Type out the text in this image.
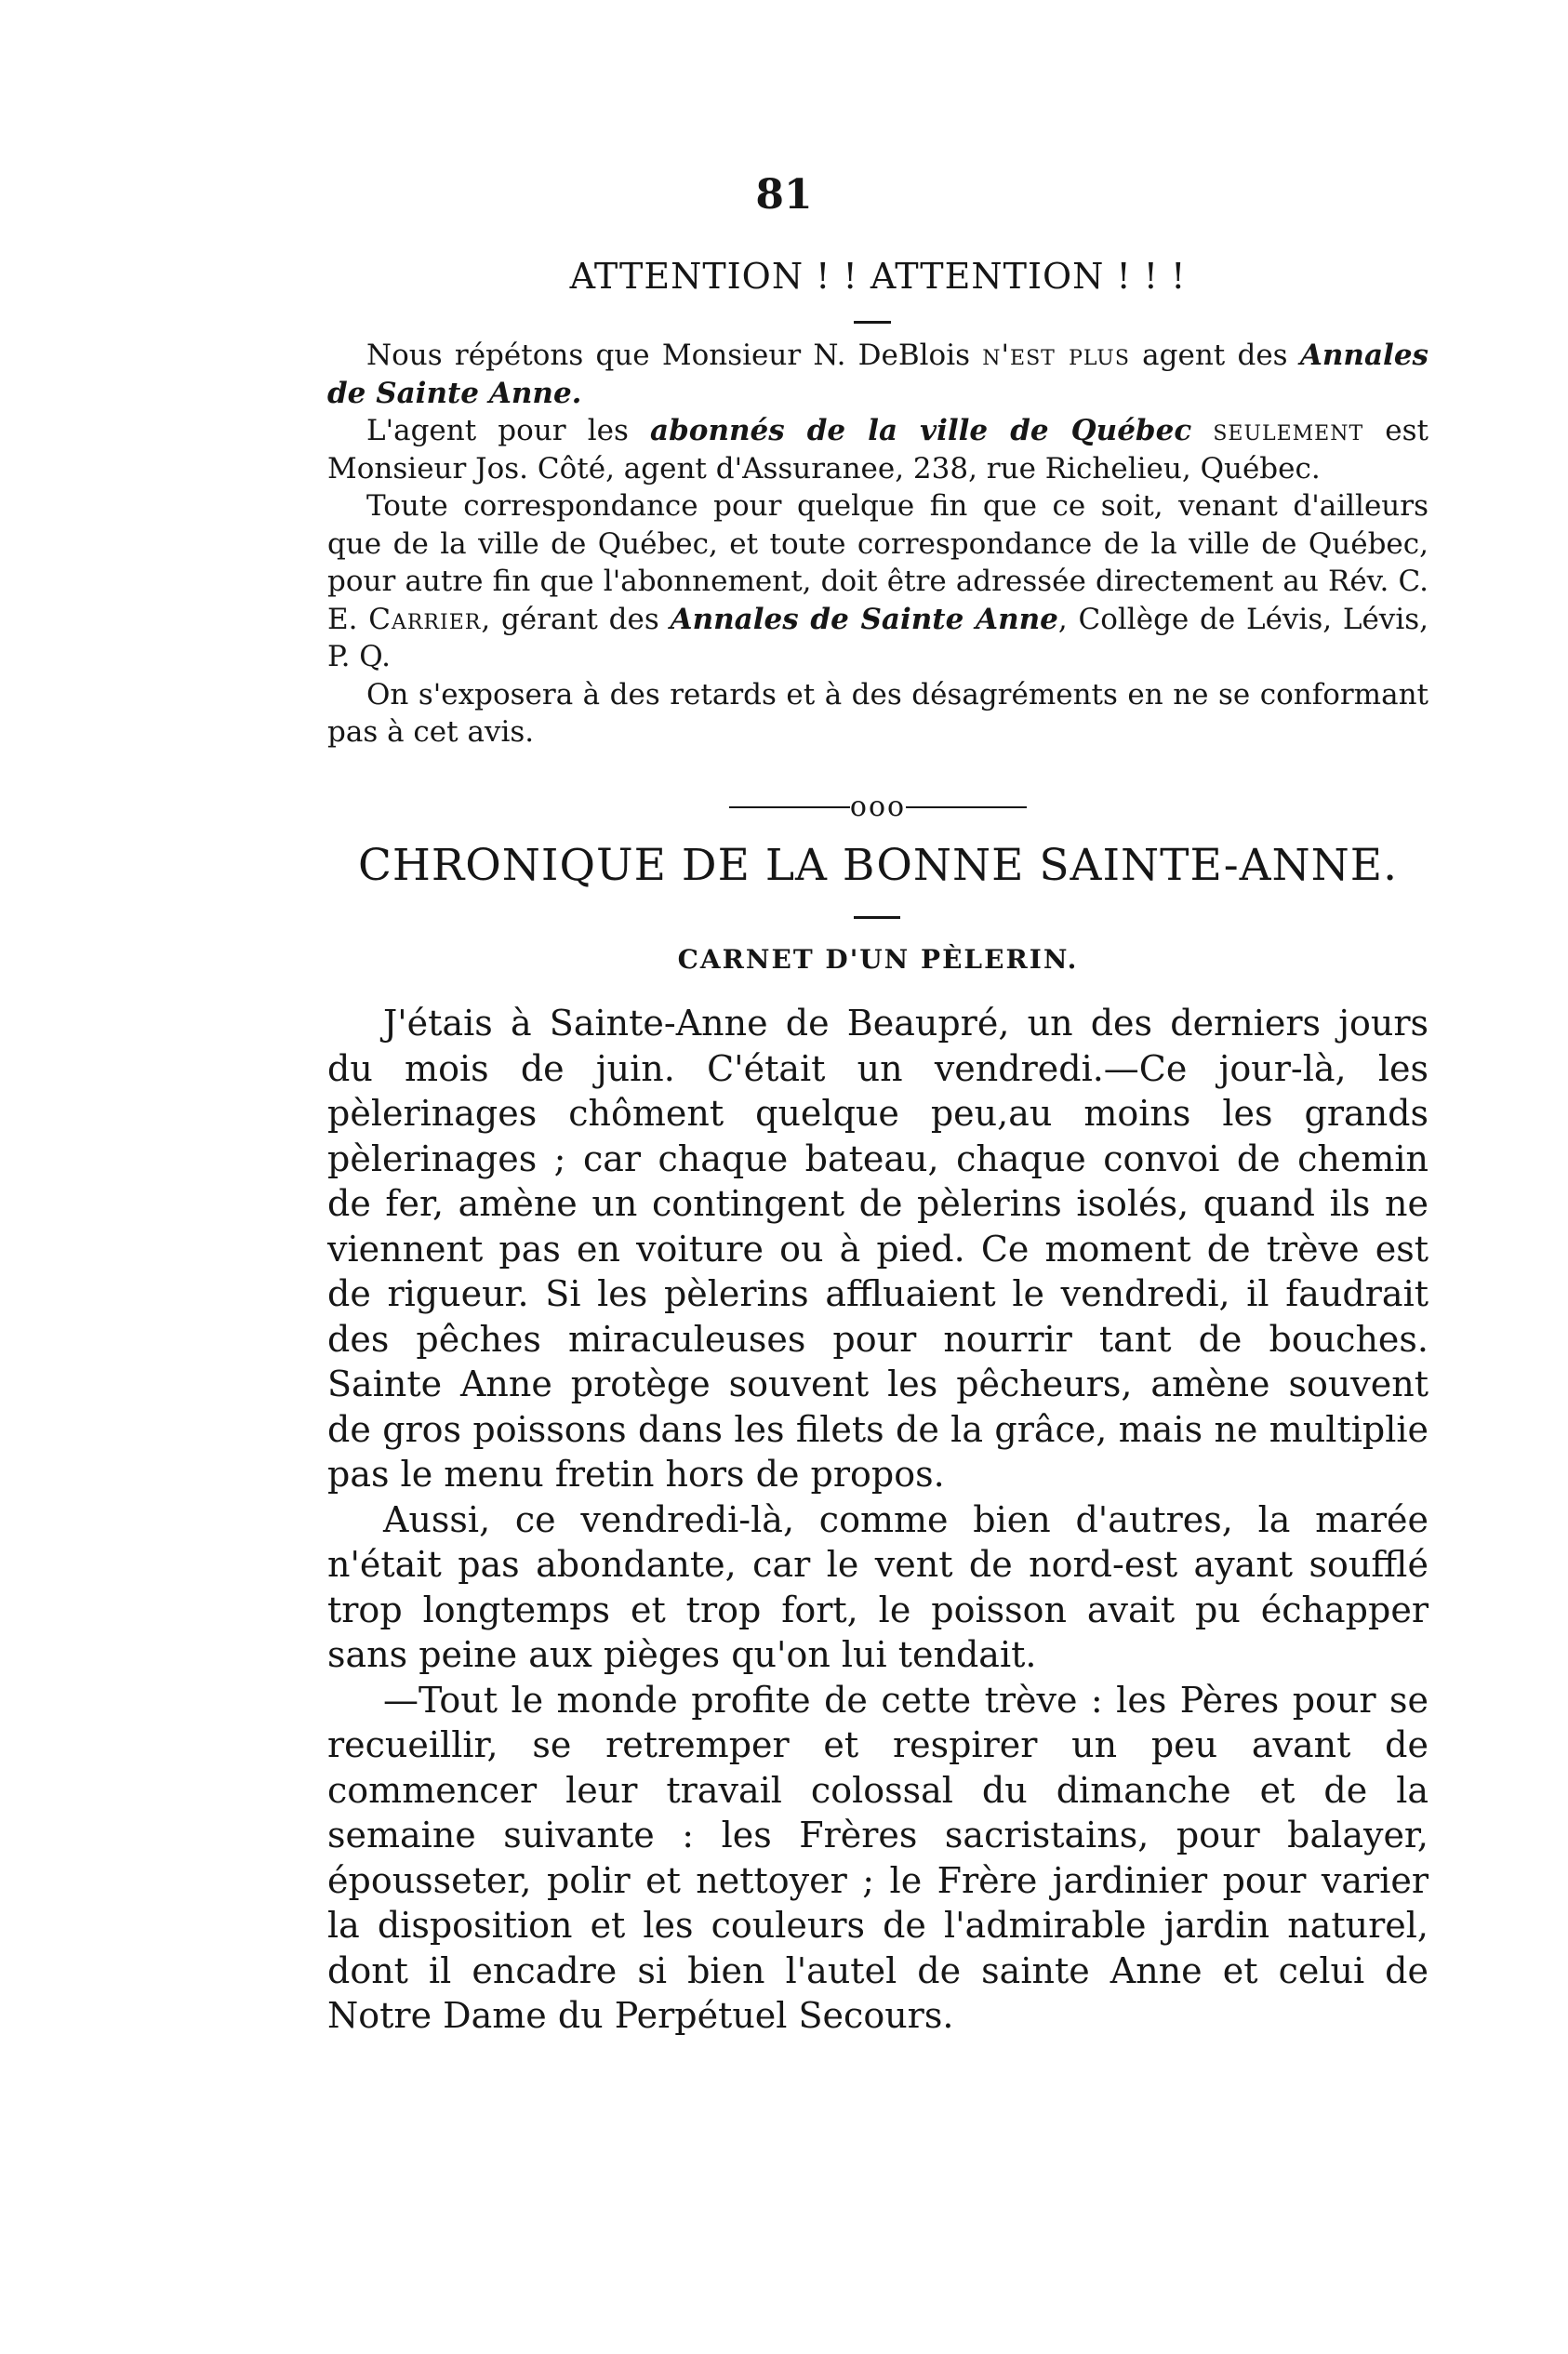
81
ATTENTION ! ! ATTENTION ! ! !

Nous répétons que Monsieur N. DeBlois n'est plus agent des Annales de Sainte Anne.

L'agent pour les abonnés de la ville de Québec seulement est Monsieur Jos. Côté, agent d'Assuranee, 238, rue Richelieu, Québec.

Toute correspondance pour quelque fin que ce soit, venant d'ailleurs que de la ville de Québec, et toute correspondance de la ville de Québec, pour autre fin que l'abonnement, doit être adressée directement au Rév. C. E. Carrier, gérant des Annales de Sainte Anne, Collège de Lévis, Lévis, P. Q.

On s'exposera à des retards et à des désagréments en ne se conformant pas à cet avis.

ooo
CHRONIQUE DE LA BONNE SAINTE-ANNE.
CARNET D'UN PÈLERIN.

J'étais à Sainte-Anne de Beaupré, un des derniers jours du mois de juin. C'était un vendredi.—Ce jour-là, les pèlerinages chôment quelque peu,au moins les grands pèlerinages ; car chaque bateau, chaque convoi de chemin de fer, amène un contingent de pèlerins isolés, quand ils ne viennent pas en voiture ou à pied. Ce moment de trève est de rigueur. Si les pèlerins affluaient le vendredi, il faudrait des pêches miraculeuses pour nourrir tant de bouches. Sainte Anne protège souvent les pêcheurs, amène souvent de gros poissons dans les filets de la grâce, mais ne multiplie pas le menu fretin hors de propos.

Aussi, ce vendredi-là, comme bien d'autres, la marée n'était pas abondante, car le vent de nord-est ayant soufflé trop longtemps et trop fort, le poisson avait pu échapper sans peine aux pièges qu'on lui tendait.

—Tout le monde profite de cette trève : les Pères pour se recueillir, se retremper et respirer un peu avant de commencer leur travail colossal du dimanche et de la semaine suivante : les Frères sacristains, pour balayer, épousseter, polir et nettoyer ; le Frère jardinier pour varier la disposition et les couleurs de l'admirable jardin naturel, dont il encadre si bien l'autel de sainte Anne et celui de Notre Dame du Perpétuel Secours.
